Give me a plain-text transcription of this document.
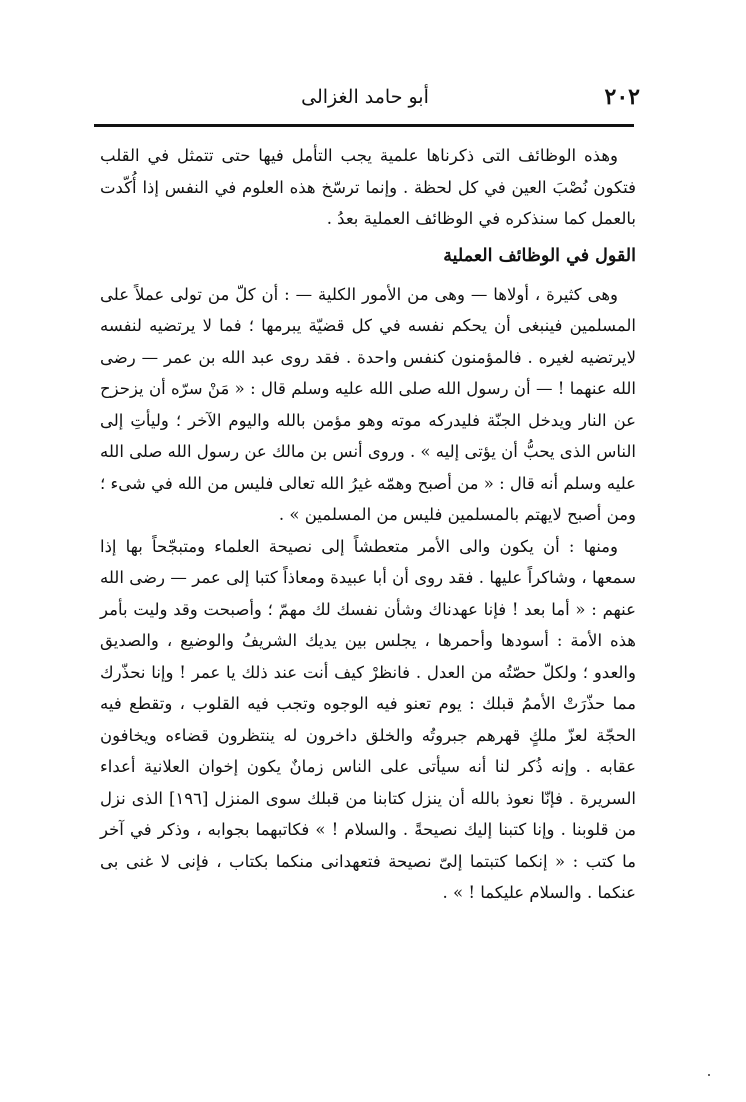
٢٠٢
أبو حامد الغزالى

وهذه الوظائف التى ذكرناها علمية يجب التأمل فيها حتى تتمثل في القلب فتكون نُصْبَ العين في كل لحظة . وإنما ترسّخ هذه العلوم في النفس إذا أُكّدت بالعمل كما سنذكره في الوظائف العملية بعدُ .

القول في الوظائف العملية

وهى كثيرة ، أولاها — وهى من الأمور الكلية — : أن كلّ من تولى عملاً على المسلمين فينبغى أن يحكم نفسه في كل قضيّة يبرمها ؛ فما لا يرتضيه لنفسه لايرتضيه لغيره . فالمؤمنون كنفس واحدة . فقد روى عبد الله بن عمر — رضى الله عنهما ! — أن رسول الله صلى الله عليه وسلم قال : « مَنْ سرّه أن يزحزح عن النار ويدخل الجنّة فليدركه موته وهو مؤمن بالله واليوم الآخر ؛ وليأتِ إلى الناس الذى يحبُّ أن يؤتى إليه » . وروى أنس بن مالك عن رسول الله صلى الله عليه وسلم أنه قال : « من أصبح وهمّه غيرُ الله تعالى فليس من الله في شىء ؛ ومن أصبح لايهتم بالمسلمين فليس من المسلمين » .

ومنها : أن يكون والى الأمر متعطشاً إلى نصيحة العلماء ومتبجّحاً بها إذا سمعها ، وشاكراً عليها . فقد روى أن أبا عبيدة ومعاذاً كتبا إلى عمر — رضى الله عنهم : « أما بعد ! فإنا عهدناك وشأن نفسك لك مهمّ ؛ وأصبحت وقد وليت بأمر هذه الأمة : أسودها وأحمرها ، يجلس بين يديك الشريفُ والوضيع ، والصديق والعدو ؛ ولكلّ حصّتُه من العدل . فانظرْ كيف أنت عند ذلك يا عمر ! وإنا نحذّرك مما حذّرَتْ الأممُ قبلك : يوم تعنو فيه الوجوه وتجب فيه القلوب ، وتقطع فيه الحجّة لعزّ ملكٍ قهرهم جبروتُه والخلق داخرون له ينتظرون قضاءه ويخافون عقابه . وإنه ذُكر لنا أنه سيأتى على الناس زمانٌ يكون إخوان العلانية أعداء السريرة . فإنّا نعوذ بالله أن ينزل كتابنا من قبلك سوى المنزل [١٩٦] الذى نزل من قلوبنا . وإنا كتبنا إليك نصيحةً . والسلام ! » فكاتبهما بجوابه ، وذكر في آخر ما كتب : « إنكما كتبتما إلىّ نصيحة فتعهدانى منكما بكتاب ، فإنى لا غنى بى عنكما . والسلام عليكما ! » .
